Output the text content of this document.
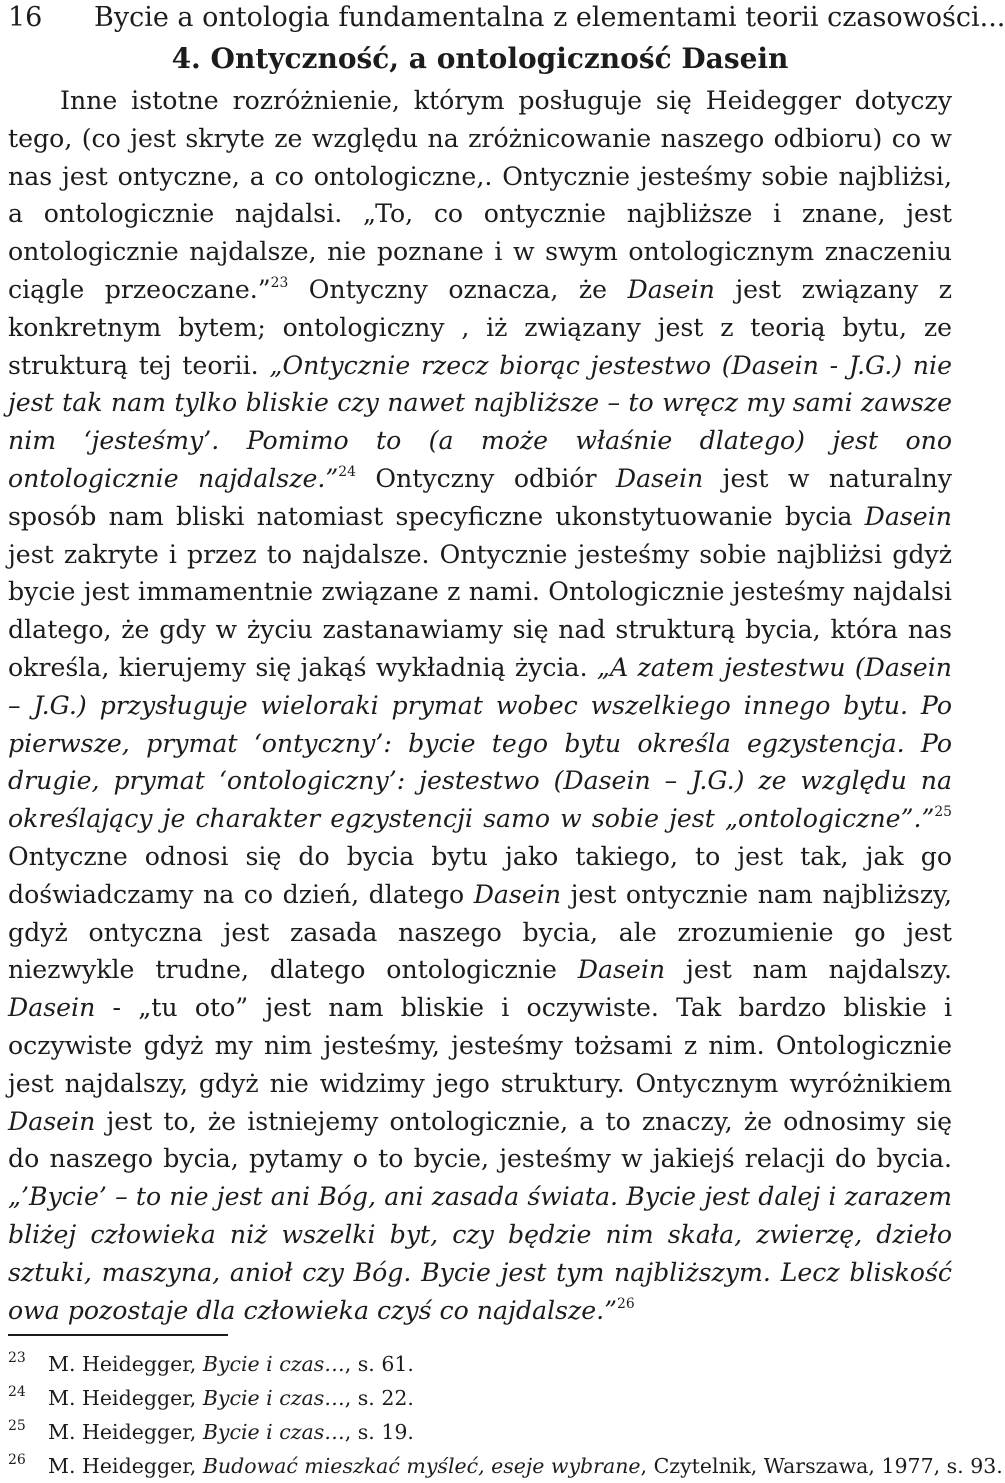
16 Bycie a ontologia fundamentalna z elementami teorii czasowości...
4. Ontyczność, a ontologiczność Dasein

Inne istotne rozróżnienie, którym posługuje się Heidegger dotyczy tego, (co jest skryte ze względu na zróżnicowanie naszego odbioru) co w nas jest ontyczne, a co ontologiczne,. Ontycznie jesteśmy sobie najbliżsi, a ontologicznie najdalsi. „To, co ontycznie najbliższe i znane, jest ontologicznie najdalsze, nie poznane i w swym ontologicznym znaczeniu ciągle przeoczane.”$^{23}$ Ontyczny oznacza, że Dasein jest związany z konkretnym bytem; ontologiczny , iż związany jest z teorią bytu, ze strukturą tej teorii. „Ontycznie rzecz biorąc jestestwo (Dasein - J.G.) nie jest tak nam tylko bliskie czy nawet najbliższe – to wręcz my sami zawsze nim ‘jesteśmy’. Pomimo to (a może właśnie dlatego) jest ono ontologicznie najdalsze.”$^{24}$ Ontyczny odbiór Dasein jest w naturalny sposób nam bliski natomiast specyficzne ukonstytuowanie bycia Dasein jest zakryte i przez to najdalsze. Ontycznie jesteśmy sobie najbliżsi gdyż bycie jest immamentnie związane z nami. Ontologicznie jesteśmy najdalsi dlatego, że gdy w życiu zastanawiamy się nad strukturą bycia, która nas określa, kierujemy się jakąś wykładnią życia. „A zatem jestestwu (Dasein – J.G.) przysługuje wieloraki prymat wobec wszelkiego innego bytu. Po pierwsze, prymat ‘ontyczny’: bycie tego bytu określa egzystencja. Po drugie, prymat ‘ontologiczny’: jestestwo (Dasein – J.G.) ze względu na określający je charakter egzystencji samo w sobie jest „ontologiczne”.”$^{25}$ Ontyczne odnosi się do bycia bytu jako takiego, to jest tak, jak go doświadczamy na co dzień, dlatego Dasein jest ontycznie nam najbliższy, gdyż ontyczna jest zasada naszego bycia, ale zrozumienie go jest niezwykle trudne, dlatego ontologicznie Dasein jest nam najdalszy. Dasein - „tu oto” jest nam bliskie i oczywiste. Tak bardzo bliskie i oczywiste gdyż my nim jesteśmy, jesteśmy tożsami z nim. Ontologicznie jest najdalszy, gdyż nie widzimy jego struktury. Ontycznym wyróżnikiem Dasein jest to, że istniejemy ontologicznie, a to znaczy, że odnosimy się do naszego bycia, pytamy o to bycie, jesteśmy w jakiejś relacji do bycia. „’Bycie’ – to nie jest ani Bóg, ani zasada świata. Bycie jest dalej i zarazem bliżej człowieka niż wszelki byt, czy będzie nim skała, zwierzę, dzieło sztuki, maszyna, anioł czy Bóg. Bycie jest tym najbliższym. Lecz bliskość owa pozostaje dla człowieka czyś co najdalsze.”$^{26}$

23 M. Heidegger, Bycie i czas…, s. 61.
24 M. Heidegger, Bycie i czas…, s. 22.
25 M. Heidegger, Bycie i czas…, s. 19.
26 M. Heidegger, Budować mieszkać myśleć, eseje wybrane, Czytelnik, Warszawa, 1977, s. 93.
